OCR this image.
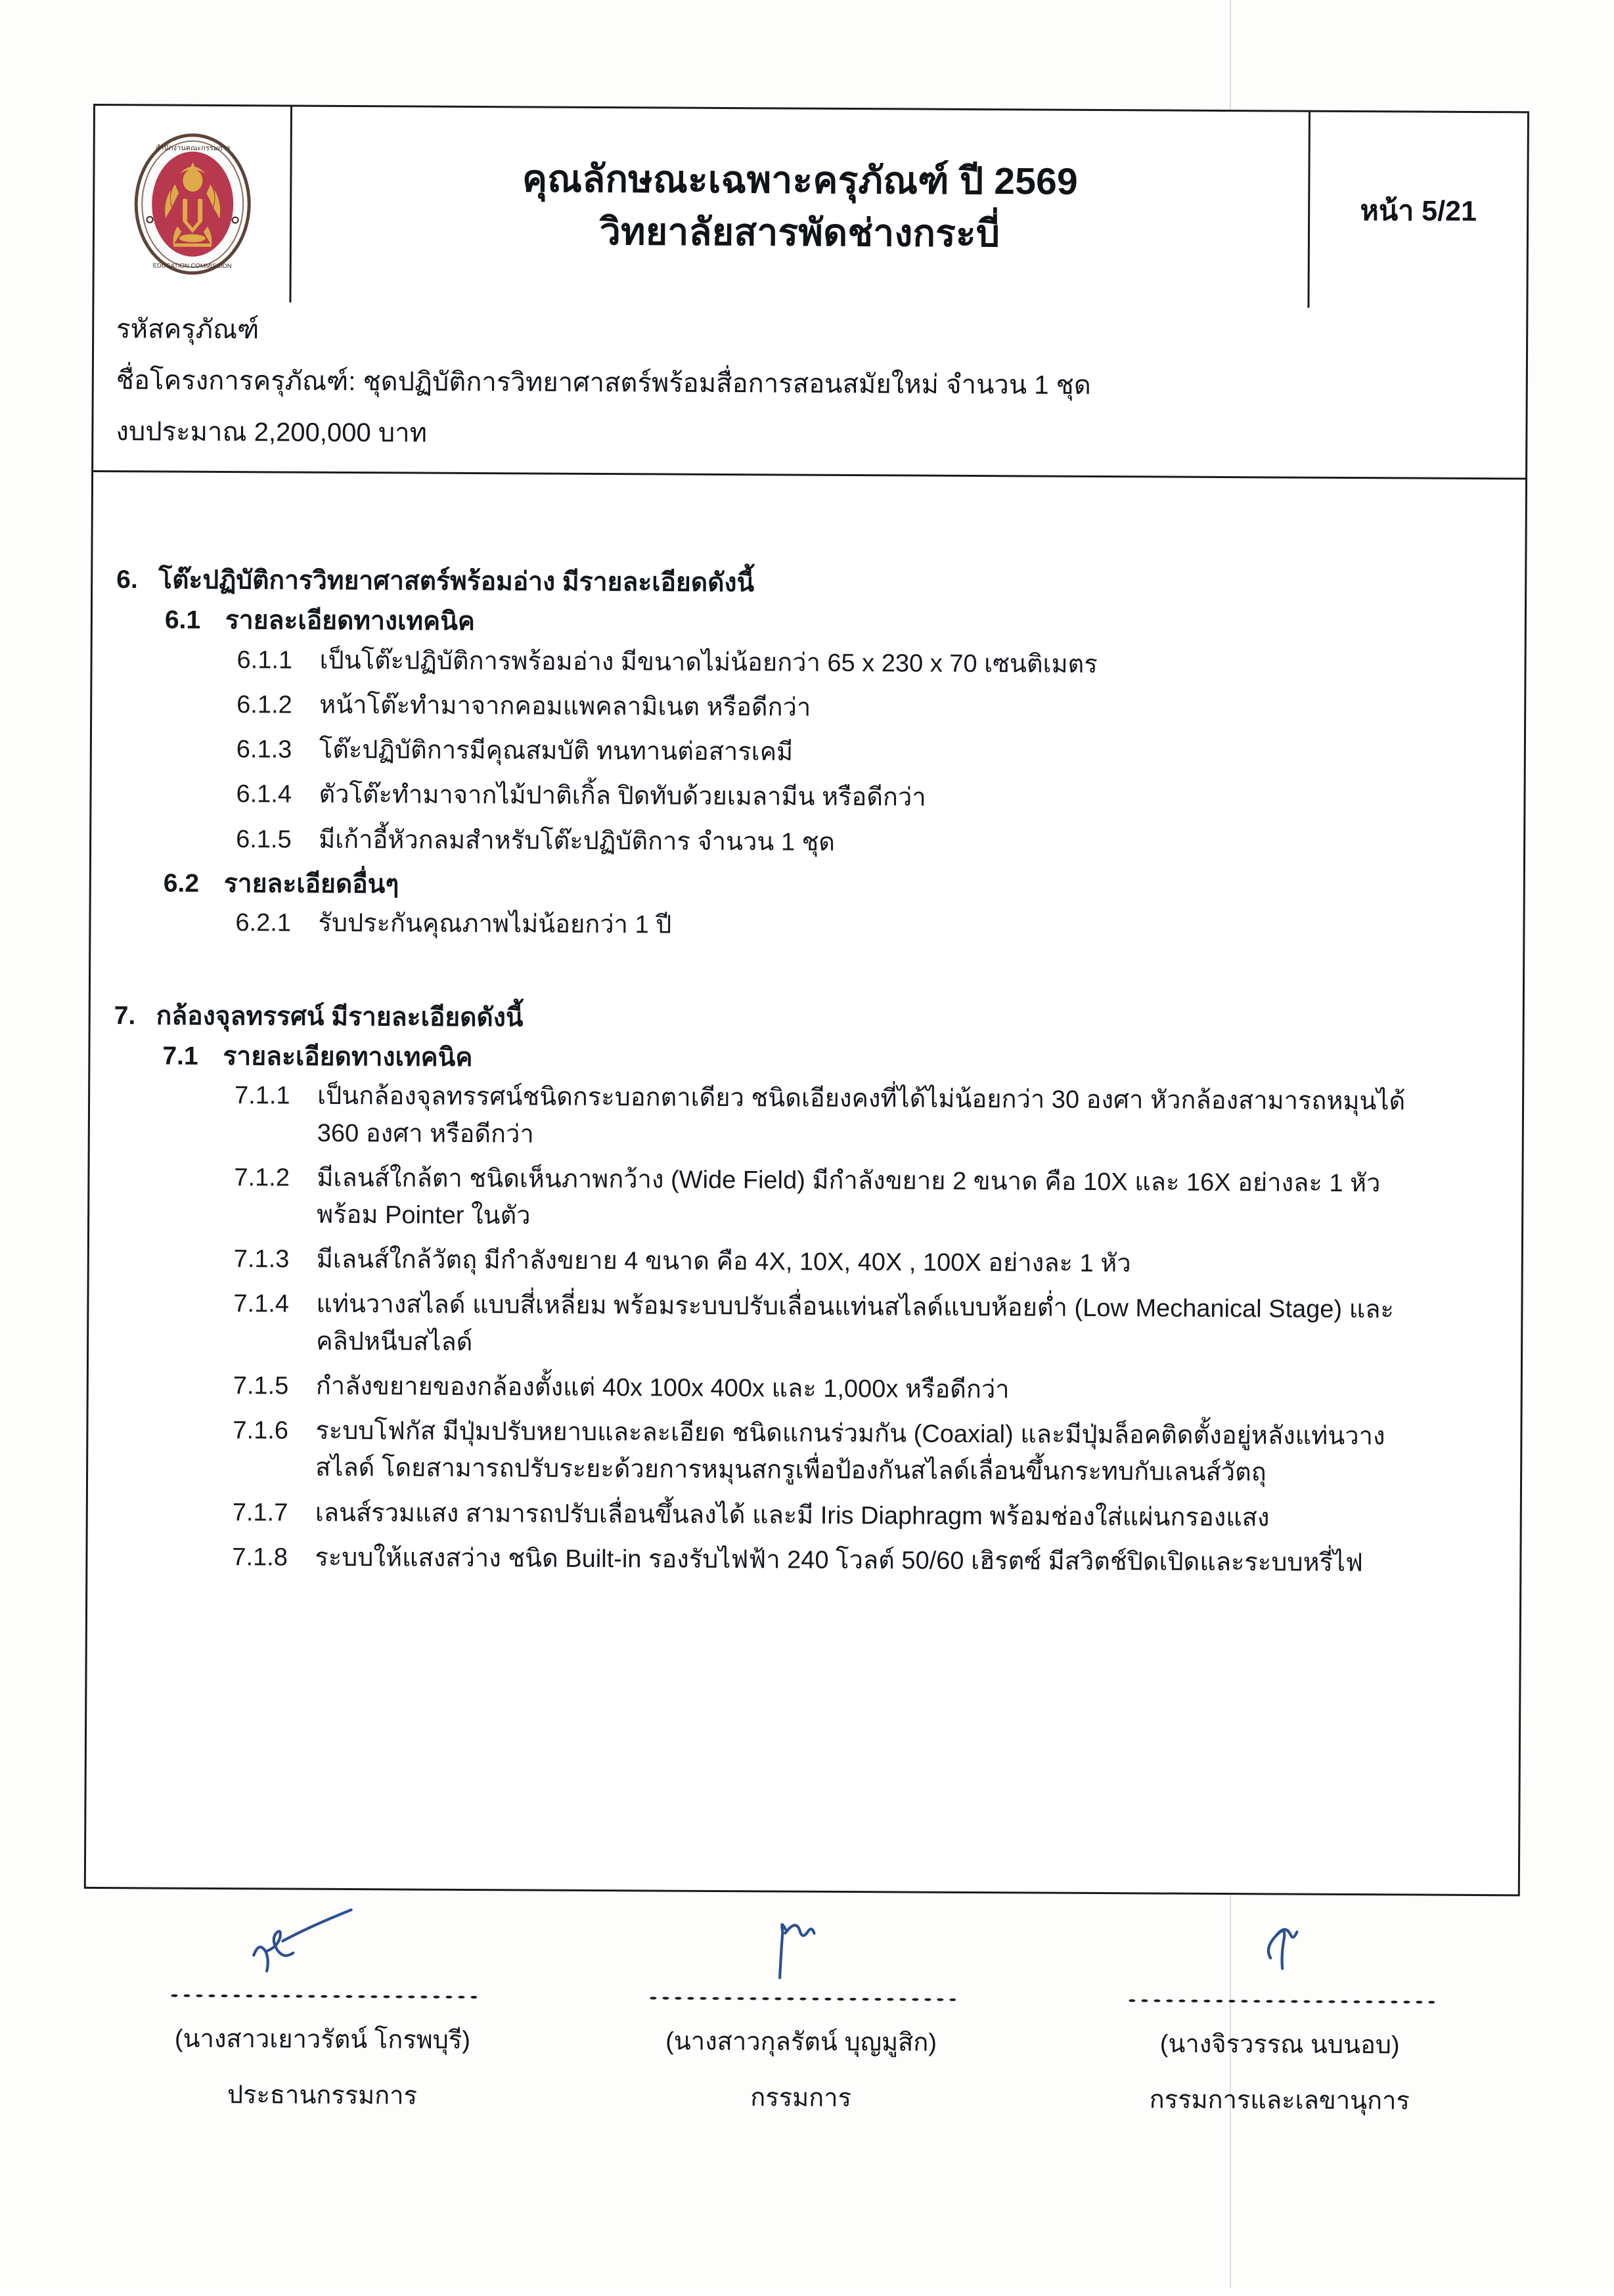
สำนักงานคณะกรรมการ
EDUCATION COMMISSION
คุณลักษณะเฉพาะครุภัณฑ์ ปี 2569
วิทยาลัยสารพัดช่างกระบี่	หน้า 5/21
รหัสครุภัณฑ์
ชื่อโครงการครุภัณฑ์: ชุดปฏิบัติการวิทยาศาสตร์พร้อมสื่อการสอนสมัยใหม่ จำนวน 1 ชุด
งบประมาณ 2,200,000 บาท
6. โต๊ะปฏิบัติการวิทยาศาสตร์พร้อมอ่าง มีรายละเอียดดังนี้
6.1 รายละเอียดทางเทคนิค
6.1.1	เป็นโต๊ะปฏิบัติการพร้อมอ่าง มีขนาดไม่น้อยกว่า 65 x 230 x 70 เซนติเมตร
6.1.2	หน้าโต๊ะทำมาจากคอมแพคลามิเนต หรือดีกว่า
6.1.3	โต๊ะปฏิบัติการมีคุณสมบัติ ทนทานต่อสารเคมี
6.1.4	ตัวโต๊ะทำมาจากไม้ปาติเกิ้ล ปิดทับด้วยเมลามีน หรือดีกว่า
6.1.5	มีเก้าอี้หัวกลมสำหรับโต๊ะปฏิบัติการ จำนวน 1 ชุด
6.2 รายละเอียดอื่นๆ
6.2.1	รับประกันคุณภาพไม่น้อยกว่า 1 ปี
7. กล้องจุลทรรศน์ มีรายละเอียดดังนี้
7.1 รายละเอียดทางเทคนิค
7.1.1	เป็นกล้องจุลทรรศน์ชนิดกระบอกตาเดียว ชนิดเอียงคงที่ได้ไม่น้อยกว่า 30 องศา หัวกล้องสามารถหมุนได้ 360 องศา หรือดีกว่า
7.1.2	มีเลนส์ใกล้ตา ชนิดเห็นภาพกว้าง (Wide Field) มีกำลังขยาย 2 ขนาด คือ 10X และ 16X อย่างละ 1 หัว พร้อม Pointer ในตัว
7.1.3	มีเลนส์ใกล้วัตถุ มีกำลังขยาย 4 ขนาด คือ 4X, 10X, 40X , 100X อย่างละ 1 หัว
7.1.4	แท่นวางสไลด์ แบบสี่เหลี่ยม พร้อมระบบปรับเลื่อนแท่นสไลด์แบบห้อยต่ำ (Low Mechanical Stage) และคลิปหนีบสไลด์
7.1.5	กำลังขยายของกล้องตั้งแต่ 40x 100x 400x และ 1,000x หรือดีกว่า
7.1.6	ระบบโฟกัส มีปุ่มปรับหยาบและละเอียด ชนิดแกนร่วมกัน (Coaxial) และมีปุ่มล็อคติดตั้งอยู่หลังแท่นวางสไลด์ โดยสามารถปรับระยะด้วยการหมุนสกรูเพื่อป้องกันสไลด์เลื่อนขึ้นกระทบกับเลนส์วัตถุ
7.1.7	เลนส์รวมแสง สามารถปรับเลื่อนขึ้นลงได้ และมี Iris Diaphragm พร้อมช่องใส่แผ่นกรองแสง
7.1.8	ระบบให้แสงสว่าง ชนิด Built-in รองรับไฟฟ้า 240 โวลต์ 50/60 เฮิรตซ์ มีสวิตช์ปิดเปิดและระบบหรี่ไฟ
(นางสาวเยาวรัตน์ โกรพบุรี)
ประธานกรรมการ
(นางสาวกุลรัตน์ บุญมูสิก)
กรรมการ
(นางจิรวรรณ นบนอบ)
กรรมการและเลขานุการ
